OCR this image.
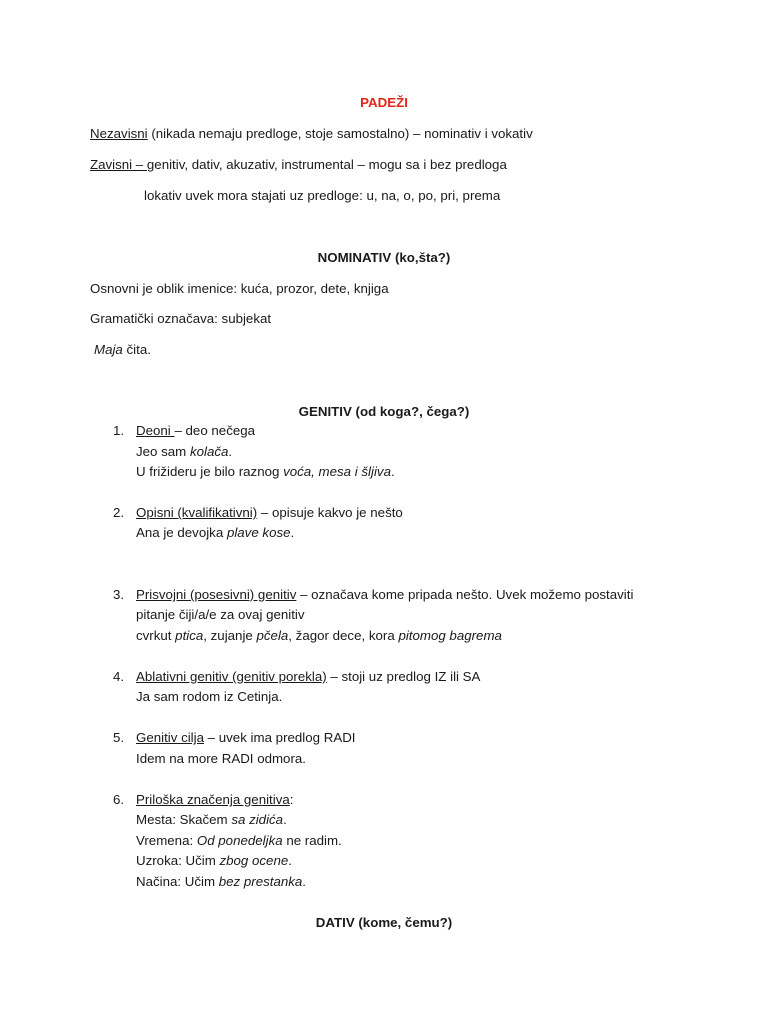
PADEŽI
Nezavisni (nikada nemaju predloge, stoje samostalno) – nominativ i vokativ
Zavisni – genitiv, dativ, akuzativ, instrumental – mogu sa i bez predloga
lokativ uvek mora stajati uz predloge: u, na, o, po, pri, prema
NOMINATIV (ko,šta?)
Osnovni je oblik imenice: kuća, prozor, dete, knjiga
Gramatički označava: subjekat
Maja čita.
GENITIV (od koga?, čega?)
1. Deoni – deo nečega
Jeo sam kolača.
U frižideru je bilo raznog voća, mesa i šljiva.
2. Opisni (kvalifikativni) – opisuje kakvo je nešto
Ana je devojka plave kose.
3. Prisvojni (posesivni) genitiv – označava kome pripada nešto. Uvek možemo postaviti
pitanje čiji/a/e za ovaj genitiv
cvrkut ptica, zujanje pčela, žagor dece, kora pitomog bagrema
4. Ablativni genitiv (genitiv porekla) – stoji uz predlog IZ ili SA
Ja sam rodom iz Cetinja.
5. Genitiv cilja – uvek ima predlog RADI
Idem na more RADI odmora.
6. Priloška značenja genitiva:
Mesta: Skačem sa zidića.
Vremena: Od ponedeljka ne radim.
Uzroka: Učim zbog ocene.
Načina: Učim bez prestanka.
DATIV (kome, čemu?)
